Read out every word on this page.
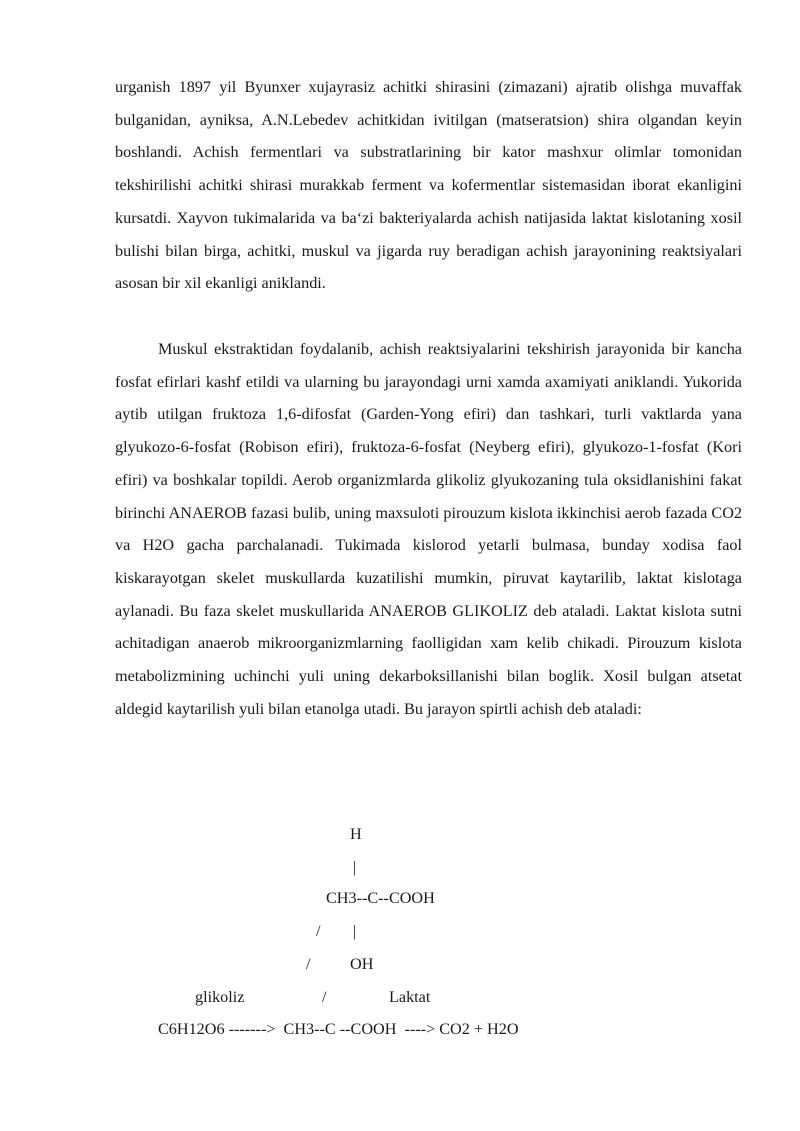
urganish 1897 yil Byunxer xujayrasiz achitki shirasini (zimazani) ajratib olishga muvaffak bulganidan, ayniksa, A.N.Lebedev achitkidan ivitilgan (matseratsion) shira olgandan keyin boshlandi. Achish fermentlari va substratlarining bir kator mashxur olimlar tomonidan tekshirilishi achitki shirasi murakkab ferment va kofermentlar sistemasidan iborat ekanligini kursatdi. Xayvon tukimalarida va ba‘zi bakteriyalarda achish natijasida laktat kislotaning xosil bulishi bilan birga, achitki, muskul va jigarda ruy beradigan achish jarayonining reaktsiyalari asosan bir xil ekanligi aniklandi.

Muskul ekstraktidan foydalanib, achish reaktsiyalarini tekshirish jarayonida bir kancha fosfat efirlari kashf etildi va ularning bu jarayondagi urni xamda axamiyati aniklandi. Yukorida aytib utilgan fruktoza 1,6-difosfat (Garden-Yong efiri) dan tashkari, turli vaktlarda yana glyukozo-6-fosfat (Robison efiri), fruktoza-6-fosfat (Neyberg efiri), glyukozo-1-fosfat (Kori efiri) va boshkalar topildi. Aerob organizmlarda glikoliz glyukozaning tula oksidlanishini fakat birinchi ANAEROB fazasi bulib, uning maxsuloti pirouzum kislota ikkinchisi aerob fazada CO2 va H2O gacha parchalanadi. Tukimada kislorod yetarli bulmasa, bunday xodisa faol kiskarayotgan skelet muskullarda kuzatilishi mumkin, piruvat kaytarilib, laktat kislotaga aylanadi. Bu faza skelet muskullarida ANAEROB GLIKOLIZ deb ataladi. Laktat kislota sutni achitadigan anaerob mikroorganizmlarning faolligidan xam kelib chikadi. Pirouzum kislota metabolizmining uchinchi yuli uning dekarboksillanishi bilan boglik. Xosil bulgan atsetat aldegid kaytarilish yuli bilan etanolga utadi. Bu jarayon spirtli achish deb ataladi:

H
|
CH3--C--COOH
/ |
/ OH
glikoliz	/	Laktat
C6H12O6 ------->  CH3--C --COOH  ----> CO2 + H2O
